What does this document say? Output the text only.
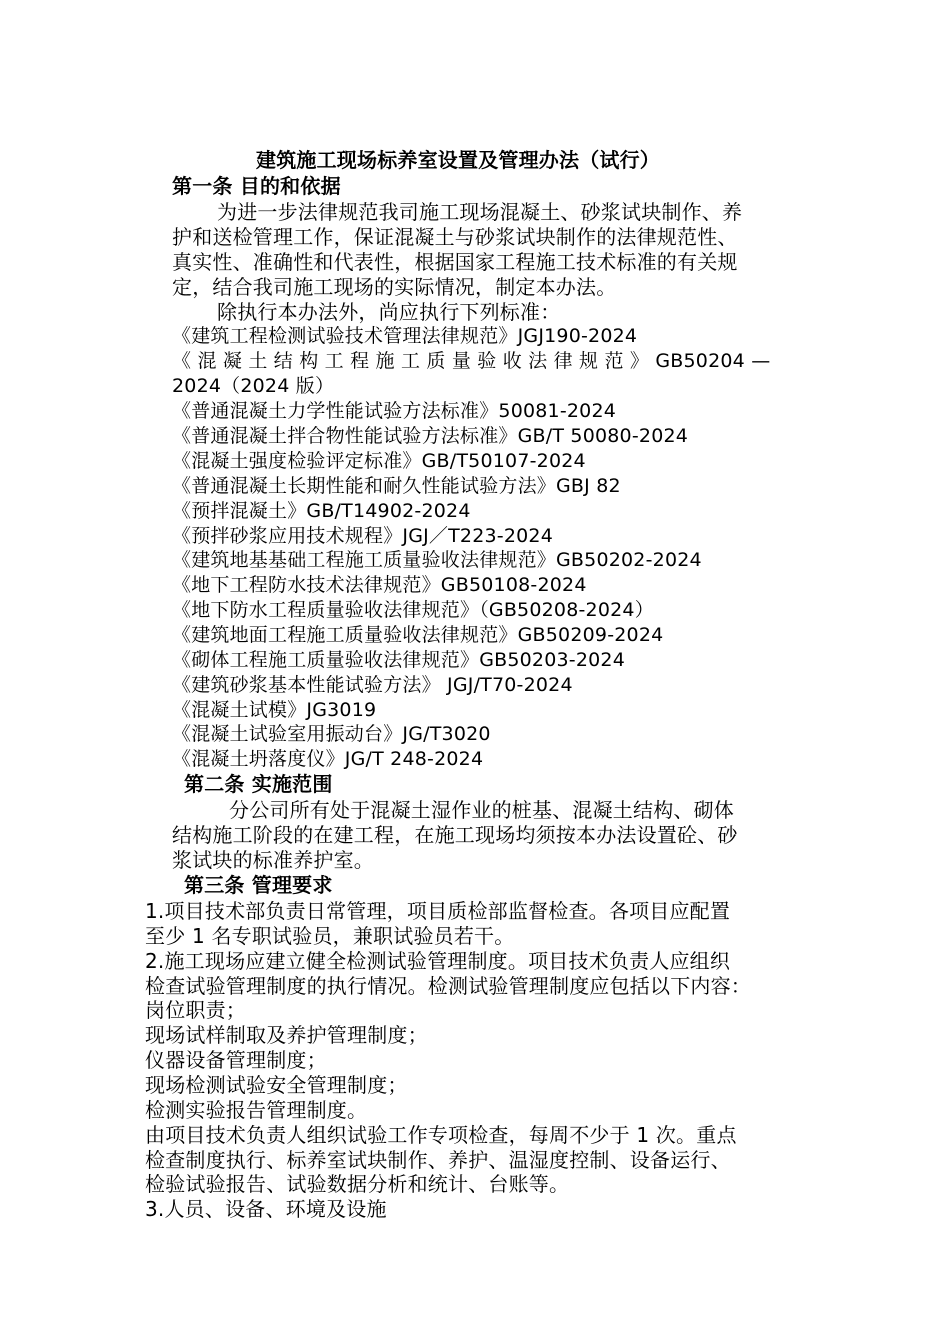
建筑施工现场标养室设置及管理办法（试行）
第一条 目的和依据
为进一步法律规范我司施工现场混凝土、砂浆试块制作、养
护和送检管理工作，保证混凝土与砂浆试块制作的法律规范性、
真实性、准确性和代表性，根据国家工程施工技术标准的有关规
定，结合我司施工现场的实际情况，制定本办法。
除执行本办法外，尚应执行下列标准：
《建筑工程检测试验技术管理法律规范》JGJ190-2024
《 混 凝 土 结 构 工 程 施 工 质 量 验 收 法 律 规 范 》 GB50204 —
2024（2024 版）
《普通混凝土力学性能试验方法标准》50081-2024
《普通混凝土拌合物性能试验方法标准》GB/T 50080-2024
《混凝土强度检验评定标准》GB/T50107-2024
《普通混凝土长期性能和耐久性能试验方法》GBJ 82
《预拌混凝土》GB/T14902-2024
《预拌砂浆应用技术规程》JGJ／T223-2024
《建筑地基基础工程施工质量验收法律规范》GB50202-2024
《地下工程防水技术法律规范》GB50108-2024
《地下防水工程质量验收法律规范》（GB50208-2024）
《建筑地面工程施工质量验收法律规范》GB50209-2024
《砌体工程施工质量验收法律规范》GB50203-2024
《建筑砂浆基本性能试验方法》 JGJ/T70-2024
《混凝土试模》JG3019
《混凝土试验室用振动台》JG/T3020
《混凝土坍落度仪》JG/T 248-2024
第二条 实施范围
分公司所有处于混凝土湿作业的桩基、混凝土结构、砌体
结构施工阶段的在建工程，在施工现场均须按本办法设置砼、砂
浆试块的标准养护室。
第三条 管理要求
1.项目技术部负责日常管理，项目质检部监督检查。各项目应配置
至少 1 名专职试验员，兼职试验员若干。
2.施工现场应建立健全检测试验管理制度。项目技术负责人应组织
检查试验管理制度的执行情况。检测试验管理制度应包括以下内容：
岗位职责；
现场试样制取及养护管理制度；
仪器设备管理制度；
现场检测试验安全管理制度；
检测实验报告管理制度。
由项目技术负责人组织试验工作专项检查，每周不少于 1 次。重点
检查制度执行、标养室试块制作、养护、温湿度控制、设备运行、
检验试验报告、试验数据分析和统计、台账等。
3.人员、设备、环境及设施
